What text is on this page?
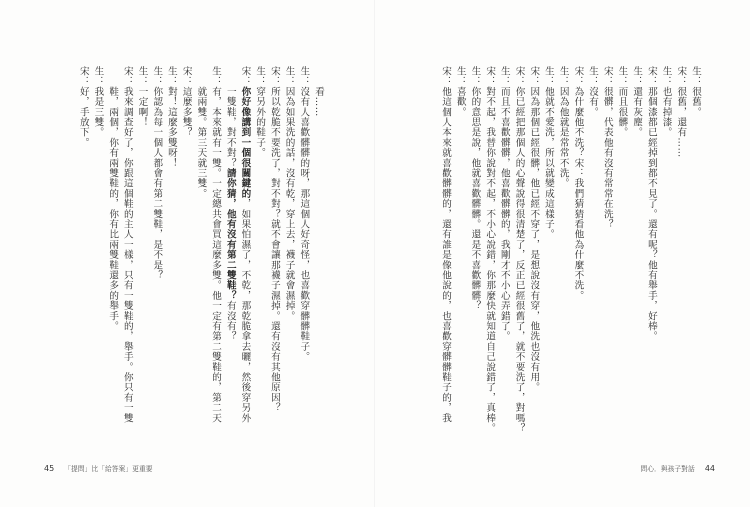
　　看……
生：沒有人喜歡髒髒的呀，那這個人好奇怪，也喜歡穿髒髒鞋子。
生：因為如果洗的話，沒有乾，穿上去，襪子就會濕掉。
宋：所以乾脆不要洗了，對不對？就不會讓那襪子濕掉。還有沒有其他原因？
生：穿另外的鞋子。
宋：你好像講到一個很關鍵的，如果怕濕了，不乾，那乾脆拿去曬，然後穿另外
　　一雙鞋，對不對？請你猜，他有沒有第二雙鞋？有沒有？
生：有，本來就有一雙。一定總共會買這麼多雙。他一定有第二雙鞋的，第二天
　　就兩雙。第三天就三雙。
宋：這麼多雙？
生：對！這麼多雙呀！
生：你認為每一個人都會有第二雙鞋，是不是？
生：一定啊！
宋：我來調查好了，你跟這個鞋的主人一樣，只有一雙鞋的，舉手。你只有一雙
　　鞋，兩個，你有兩雙鞋的，你有比兩雙鞋還多的舉手。
生：我是三雙。
宋：好，手放下。
45 「提問」比「給答案」更重要
生：很舊。
宋：很舊，還有……
生：也有掉漆。
宋：那個漆都已經掉到都不見了。還有呢？他有舉手，好棒。
生：還有灰塵。
生：而且很髒。
宋：很髒，代表他有沒有常常在洗？
生：沒有。
宋：為什麼他不洗？宋：我們猜猜看他為什麼不洗。
生：因為他就是常常不洗。
生：他就不愛洗，所以就變成這樣子。
宋：因為那個已經很髒，他已經不穿了，是想說沒有穿，他洗也沒有用。
宋：你已經把那個人的心聲說得很清楚了，反正已經很舊了，就不要洗了，對嗎？
生：而且不喜歡髒髒，他喜歡髒髒的，我剛才不小心弄錯了。
宋：對不起，我替你說對不起，不小心說錯，你那麼快就知道自己說錯了，真棒。
生：你的意思是說，他就喜歡髒髒。還是不喜歡髒髒？
生：喜歡。
宋：他這個人本來就喜歡髒髒的，還有誰是像他說的，也喜歡穿髒髒鞋子的，我
問心．與孩子對話 44
